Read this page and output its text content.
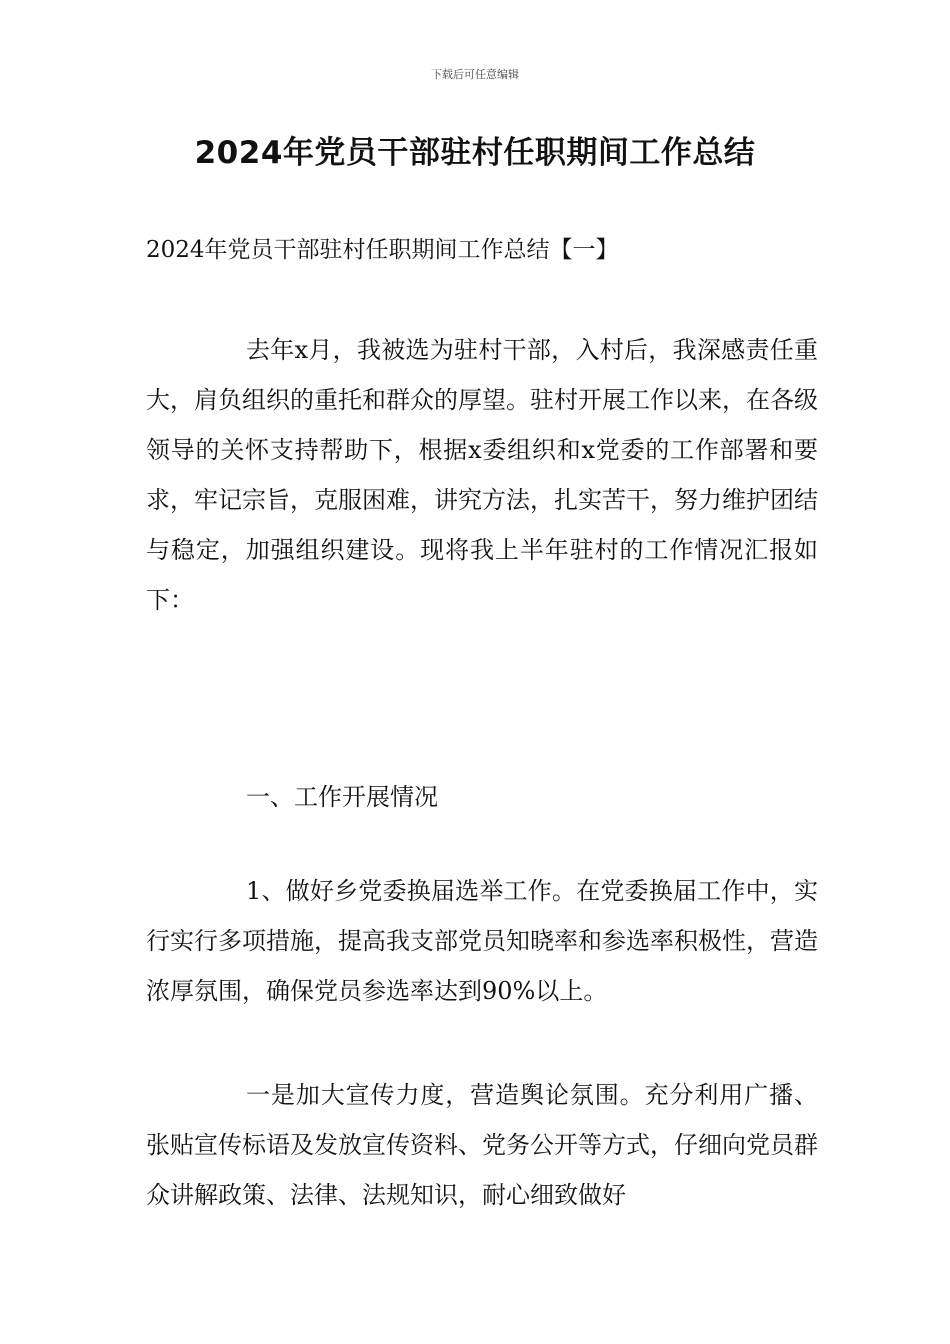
下载后可任意编辑
2024年党员干部驻村任职期间工作总结
2024年党员干部驻村任职期间工作总结【一】

去年x月，我被选为驻村干部，入村后，我深感责任重大，肩负组织的重托和群众的厚望。驻村开展工作以来，在各级领导的关怀支持帮助下，根据x委组织和x党委的工作部署和要求，牢记宗旨，克服困难，讲究方法，扎实苦干，努力维护团结与稳定，加强组织建设。现将我上半年驻村的工作情况汇报如下：

一、工作开展情况

1、做好乡党委换届选举工作。在党委换届工作中，实行实行多项措施，提高我支部党员知晓率和参选率积极性，营造浓厚氛围，确保党员参选率达到90%以上。

一是加大宣传力度，营造舆论氛围。充分利用广播、张贴宣传标语及发放宣传资料、党务公开等方式，仔细向党员群众讲解政策、法律、法规知识，耐心细致做好
